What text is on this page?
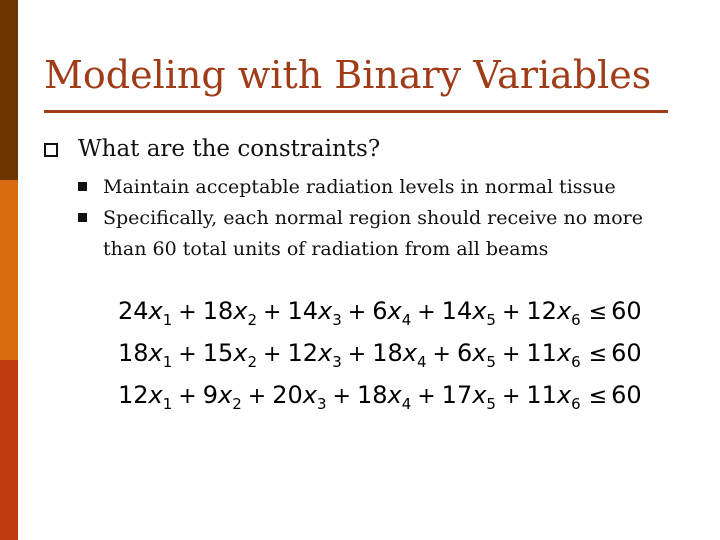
Modeling with Binary Variables
What are the constraints?
Maintain acceptable radiation levels in normal tissue
Specifically, each normal region should receive no more than 60 total units of radiation from all beams
$24x_1 + 18x_2 + 14x_3 + 6x_4 + 14x_5 + 12x_6 \le 60$
$18x_1 + 15x_2 + 12x_3 + 18x_4 + 6x_5 + 11x_6 \le 60$
$12x_1 + 9x_2 + 20x_3 + 18x_4 + 17x_5 + 11x_6 \le 60$
